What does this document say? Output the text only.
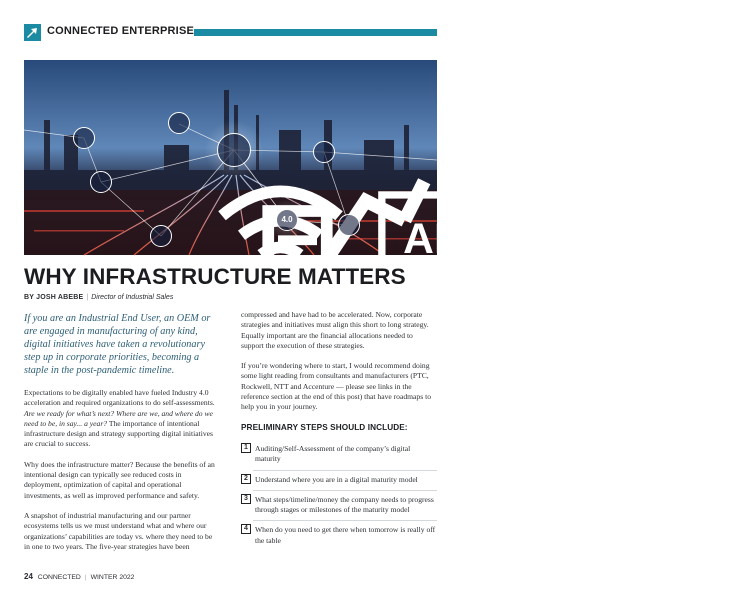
CONNECTED ENTERPRISE
AI
4.0
WHY INFRASTRUCTURE MATTERS
BY JOSH ABEBE | Director of Industrial Sales

If you are an Industrial End User, an OEM or are engaged in manufacturing of any kind, digital initiatives have taken a revolutionary step up in corporate priorities, becoming a staple in the post-pandemic timeline.

Expectations to be digitally enabled have fueled Industry 4.0 acceleration and required organizations to do self-assessments. Are we ready for what’s next? Where are we, and where do we need to be, in say... a year? The importance of intentional infrastructure design and strategy supporting digital initiatives are crucial to success.

Why does the infrastructure matter? Because the benefits of an intentional design can typically see reduced costs in deployment, optimization of capital and operational investments, as well as improved performance and safety.

A snapshot of industrial manufacturing and our partner ecosystems tells us we must understand what and where our organizations’ capabilities are today vs. where they need to be in one to two years. The five-year strategies have been

compressed and have had to be accelerated. Now, corporate strategies and initiatives must align this short to long strategy. Equally important are the financial allocations needed to support the execution of these strategies.

If you’re wondering where to start, I would recommend doing some light reading from consultants and manufacturers (PTC, Rockwell, NTT and Accenture — please see links in the reference section at the end of this post) that have roadmaps to help you in your journey.

PRELIMINARY STEPS SHOULD INCLUDE:
1 Auditing/Self-Assessment of the company’s digital maturity
2 Understand where you are in a digital maturity model
3 What steps/timeline/money the company needs to progress through stages or milestones of the maturity model
4 When do you need to get there when tomorrow is really off the table
24 CONNECTED | WINTER 2022
